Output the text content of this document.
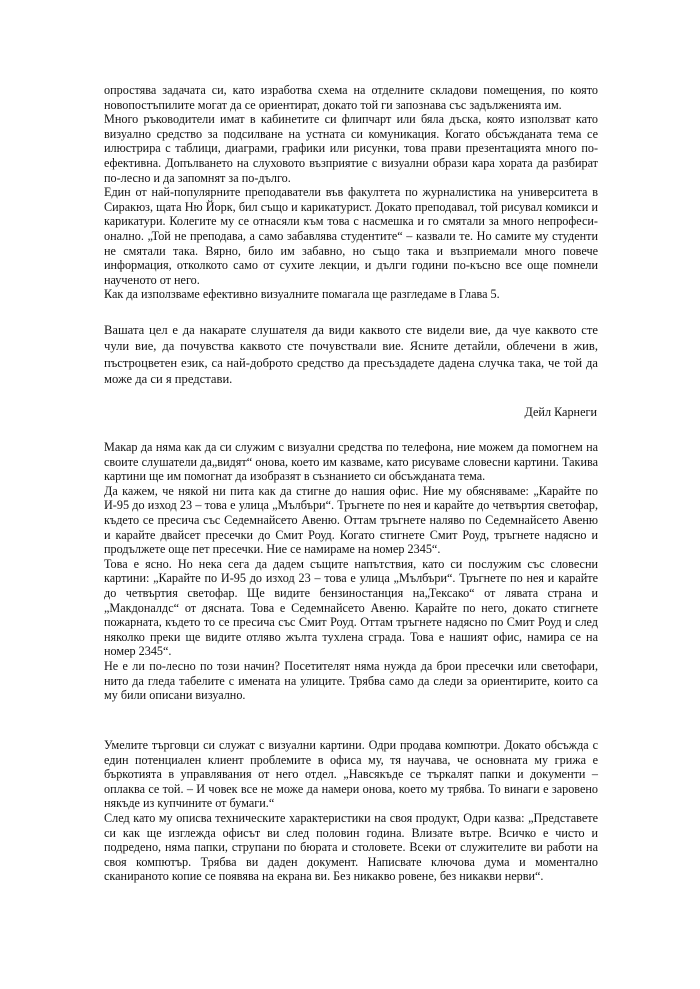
опростява задачата си, като изработва схема на отделните складови помещения, по която новопостъпилите могат да се ориентират, докато той ги запознава със задълженията им.

Много ръководители имат в кабинетите си флипчарт или бяла дъска, която използват като визуално средство за подсилване на устната си комуникация. Когато обсъжданата тема се илюстрира с таблици, диаграми, графики или рисунки, това прави презентацията много по-ефективна. Допълването на слуховото възприятие с визуални образи кара хората да разбират по-лесно и да запомнят за по-дълго.

Един от най-популярните преподаватели във факултета по журналистика на университета в Сиракюз, щата Ню Йорк, бил също и карикатурист. Докато преподавал, той рисувал комикси и карикатури. Колегите му се отнасяли към това с насмешка и го смятали за много непрофеси-онално. „Той не преподава, а само забавлява студентите“ – казвали те. Но самите му студенти не смятали така. Вярно, било им забавно, но също така и възприемали много повече информация, отколкото само от сухите лекции, и дълги години по-късно все още помнели наученото от него.

Как да използваме ефективно визуалните помагала ще разгледаме в Глава 5.

Вашата цел е да накарате слушателя да види каквото сте видели вие, да чуе каквото сте чули вие, да почувства каквото сте почувствали вие. Ясните детайли, облечени в жив, пъстроцветен език, са най-доброто средство да пресъздадете дадена случка така, че той да може да си я представи.

Дейл Карнеги

Макар да няма как да си служим с визуални средства по телефона, ние можем да помогнем на своите слушатели да„видят“ онова, което им казваме, като рисуваме словесни картини. Такива картини ще им помогнат да изобразят в съзнанието си обсъжданата тема.

Да кажем, че някой ни пита как да стигне до нашия офис. Ние му обясняваме: „Карайте по И-95 до изход 23 – това е улица „Мълбъри“. Тръгнете по нея и карайте до четвъртия светофар, където се пресича със Седемнайсето Авеню. Оттам тръгнете наляво по Седемнайсето Авеню и карайте двайсет пресечки до Смит Роуд. Когато стигнете Смит Роуд, тръгнете надясно и продължете още пет пресечки. Ние се намираме на номер 2345“.

Това е ясно. Но нека сега да дадем същите напътствия, като си послужим със словесни картини: „Карайте по И-95 до изход 23 – това е улица „Мълбъри“. Тръгнете по нея и карайте до четвъртия светофар. Ще видите бензиностанция на„Тексако“ от лявата страна и „Макдоналдс“ от дясната. Това е Седемнайсето Авеню. Карайте по него, докато стигнете пожарната, където то се пресича със Смит Роуд. Оттам тръгнете надясно по Смит Роуд и след няколко преки ще видите отляво жълта тухлена сграда. Това е нашият офис, намира се на номер 2345“.

Не е ли по-лесно по този начин? Посетителят няма нужда да брои пресечки или светофари, нито да гледа табелите с имената на улиците. Трябва само да следи за ориентирите, които са му били описани визуално.

Умелите търговци си служат с визуални картини. Одри продава компютри. Докато обсъжда с един потенциален клиент проблемите в офиса му, тя научава, че основната му грижа е бъркотията в управлявания от него отдел. „Навсякъде се търкалят папки и документи – оплаква се той. – И човек все не може да намери онова, което му трябва. То винаги е заровено някъде из купчините от бумаги.“

След като му описва техническите характеристики на своя продукт, Одри казва: „Представете си как ще изглежда офисът ви след половин година. Влизате вътре. Всичко е чисто и подредено, няма папки, струпани по бюрата и столовете. Всеки от служителите ви работи на своя компютър. Трябва ви даден документ. Написвате ключова дума и моментално сканираното копие се появява на екрана ви. Без никакво ровене, без никакви нерви“.
